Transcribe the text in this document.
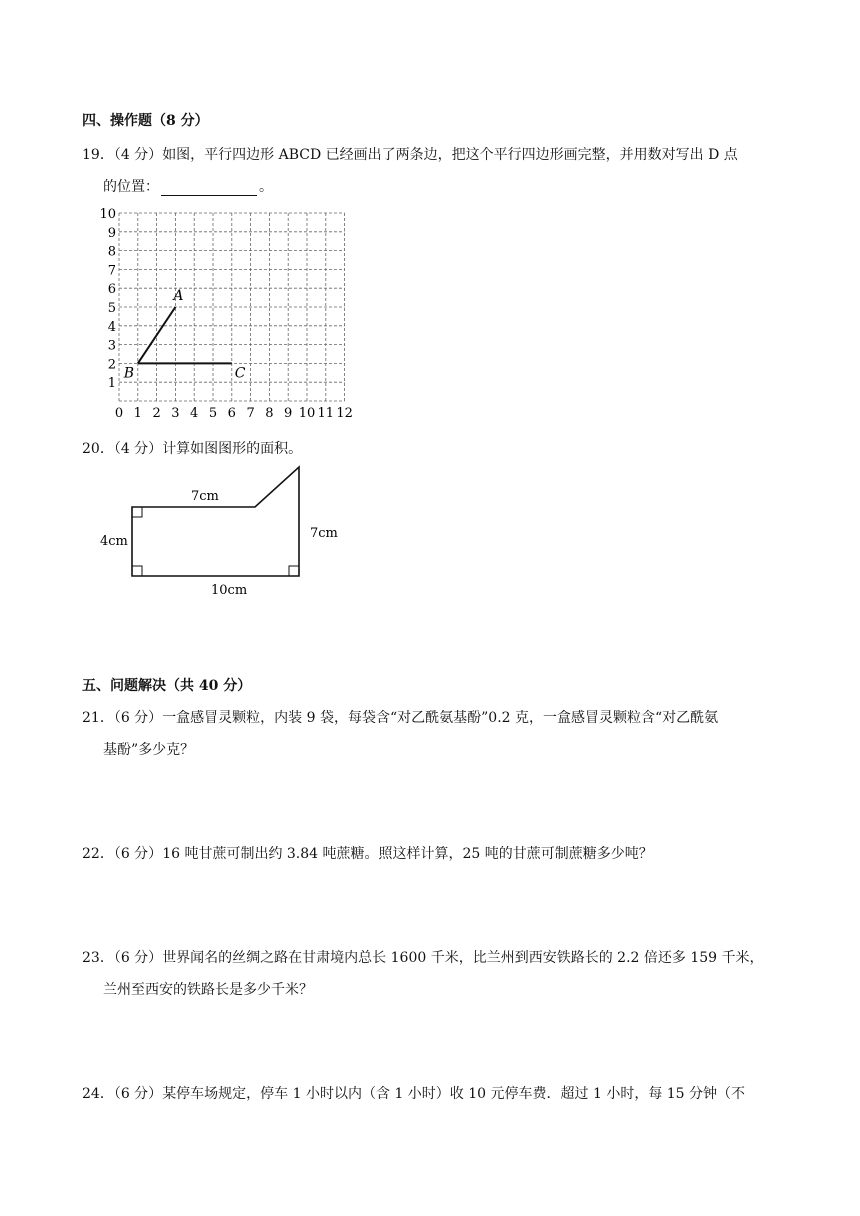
四、操作题（8 分）
19．（4 分）如图，平行四边形 ABCD 已经画出了两条边，把这个平行四边形画完整，并用数对写出 D 点
的位置：	。
0 1 2 3 4 5 6 7 8 9 10 11 12
1
2
3
4
5
6
7
8
9
10
A
B	C
20．（4 分）计算如图图形的面积。
7cm
4cm
7cm
10cm
五、问题解决（共 40 分）
21．（6 分）一盒感冒灵颗粒，内装 9 袋，每袋含“对乙酰氨基酚”0.2 克，一盒感冒灵颗粒含“对乙酰氨
基酚”多少克？
22．（6 分）16 吨甘蔗可制出约 3.84 吨蔗糖。照这样计算，25 吨的甘蔗可制蔗糖多少吨？
23．（6 分）世界闻名的丝绸之路在甘肃境内总长 1600 千米，比兰州到西安铁路长的 2.2 倍还多 159 千米，
兰州至西安的铁路长是多少千米？
24．（6 分）某停车场规定，停车 1 小时以内（含 1 小时）收 10 元停车费．超过 1 小时，每 15 分钟（不
